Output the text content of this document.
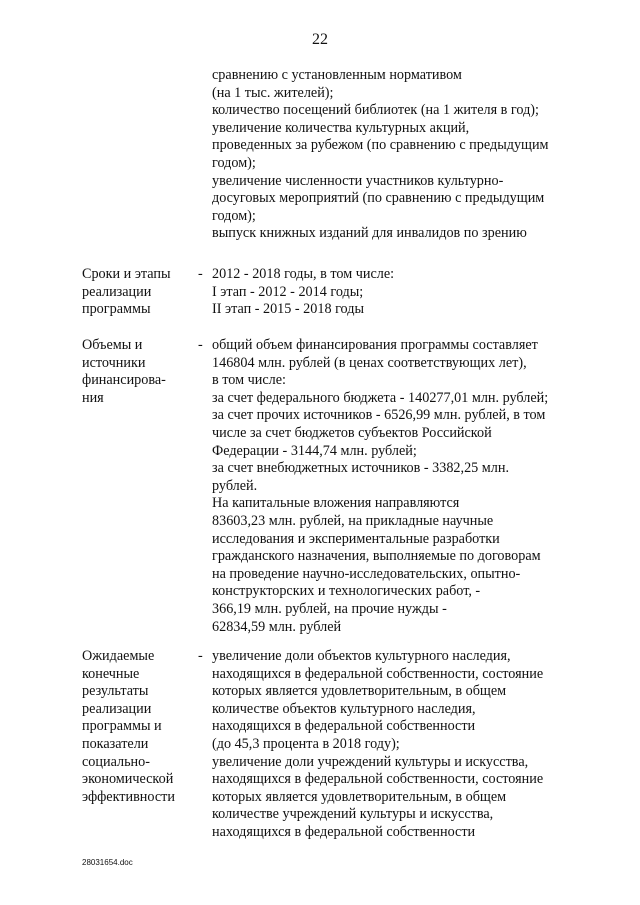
22
сравнению с установленным нормативом
(на 1 тыс. жителей);
количество посещений библиотек (на 1 жителя в год);
увеличение количества культурных акций,
проведенных за рубежом (по сравнению с предыдущим
годом);
увеличение численности участников культурно-
досуговых мероприятий (по сравнению с предыдущим
годом);
выпуск книжных изданий для инвалидов по зрению
Сроки и этапы
реализации
программы
- 2012 - 2018 годы, в том числе:
I этап - 2012 - 2014 годы;
II этап - 2015 - 2018 годы
Объемы и
источники
финансирова-
ния
- общий объем финансирования программы составляет
146804 млн. рублей (в ценах соответствующих лет),
в том числе:
за счет федерального бюджета - 140277,01 млн. рублей;
за счет прочих источников - 6526,99 млн. рублей, в том
числе за счет бюджетов субъектов Российской
Федерации - 3144,74 млн. рублей;
за счет внебюджетных источников - 3382,25 млн.
рублей.
На капитальные вложения направляются
83603,23 млн. рублей, на прикладные научные
исследования и экспериментальные разработки
гражданского назначения, выполняемые по договорам
на проведение научно-исследовательских, опытно-
конструкторских и технологических работ, -
366,19 млн. рублей, на прочие нужды -
62834,59 млн. рублей
Ожидаемые
конечные
результаты
реализации
программы и
показатели
социально-
экономической
эффективности
- увеличение доли объектов культурного наследия,
находящихся в федеральной собственности, состояние
которых является удовлетворительным, в общем
количестве объектов культурного наследия,
находящихся в федеральной собственности
(до 45,3 процента в 2018 году);
увеличение доли учреждений культуры и искусства,
находящихся в федеральной собственности, состояние
которых является удовлетворительным, в общем
количестве учреждений культуры и искусства,
находящихся в федеральной собственности
28031654.doc
